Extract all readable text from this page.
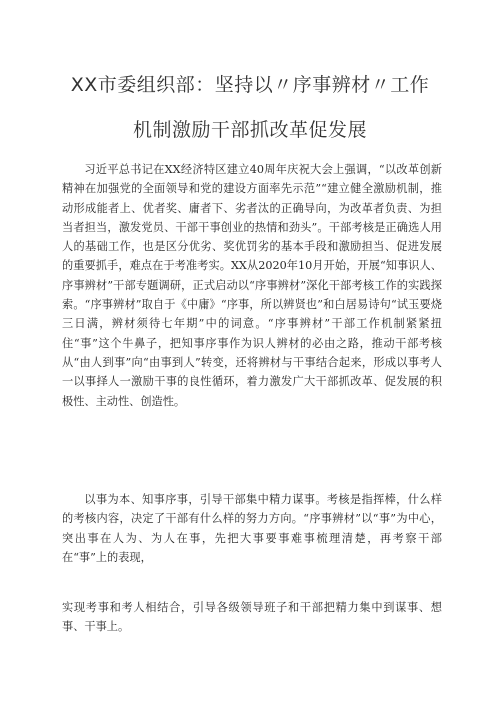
XX市委组织部：坚持以〃序事辨材〃工作
机制激励干部抓改革促发展

习近平总书记在XX经济特区建立40周年庆祝大会上强调，“以改革创新精神在加强党的全面领导和党的建设方面率先示范”“建立健全激励机制，推动形成能者上、优者奖、庸者下、劣者汰的正确导向，为改革者负责、为担当者担当，激发党员、干部干事创业的热情和劲头”。干部考核是正确选人用人的基础工作，也是区分优劣、奖优罚劣的基本手段和激励担当、促进发展的重要抓手，难点在于考准考实。XX从2020年10月开始，开展“知事识人、序事辨材”干部专题调研，正式启动以“序事辨材”深化干部考核工作的实践探索。“序事辨材”取自于《中庸》“序事，所以辨贤也”和白居易诗句“试玉要烧三日满，辨材须待七年期”中的词意。“序事辨材”干部工作机制紧紧扭住“事”这个牛鼻子，把知事序事作为识人辨材的必由之路，推动干部考核从“由人到事”向“由事到人”转变，还将辨材与干事结合起来，形成以事考人一以事择人一激励干事的良性循环，着力激发广大干部抓改革、促发展的积极性、主动性、创造性。

以事为本、知事序事，引导干部集中精力谋事。考核是指挥棒，什么样的考核内容，决定了干部有什么样的努力方向。“序事辨材”以“事”为中心，突出事在人为、为人在事，先把大事要事难事梳理清楚，再考察干部在“事”上的表现，

实现考事和考人相结合，引导各级领导班子和干部把精力集中到谋事、想事、干事上。
